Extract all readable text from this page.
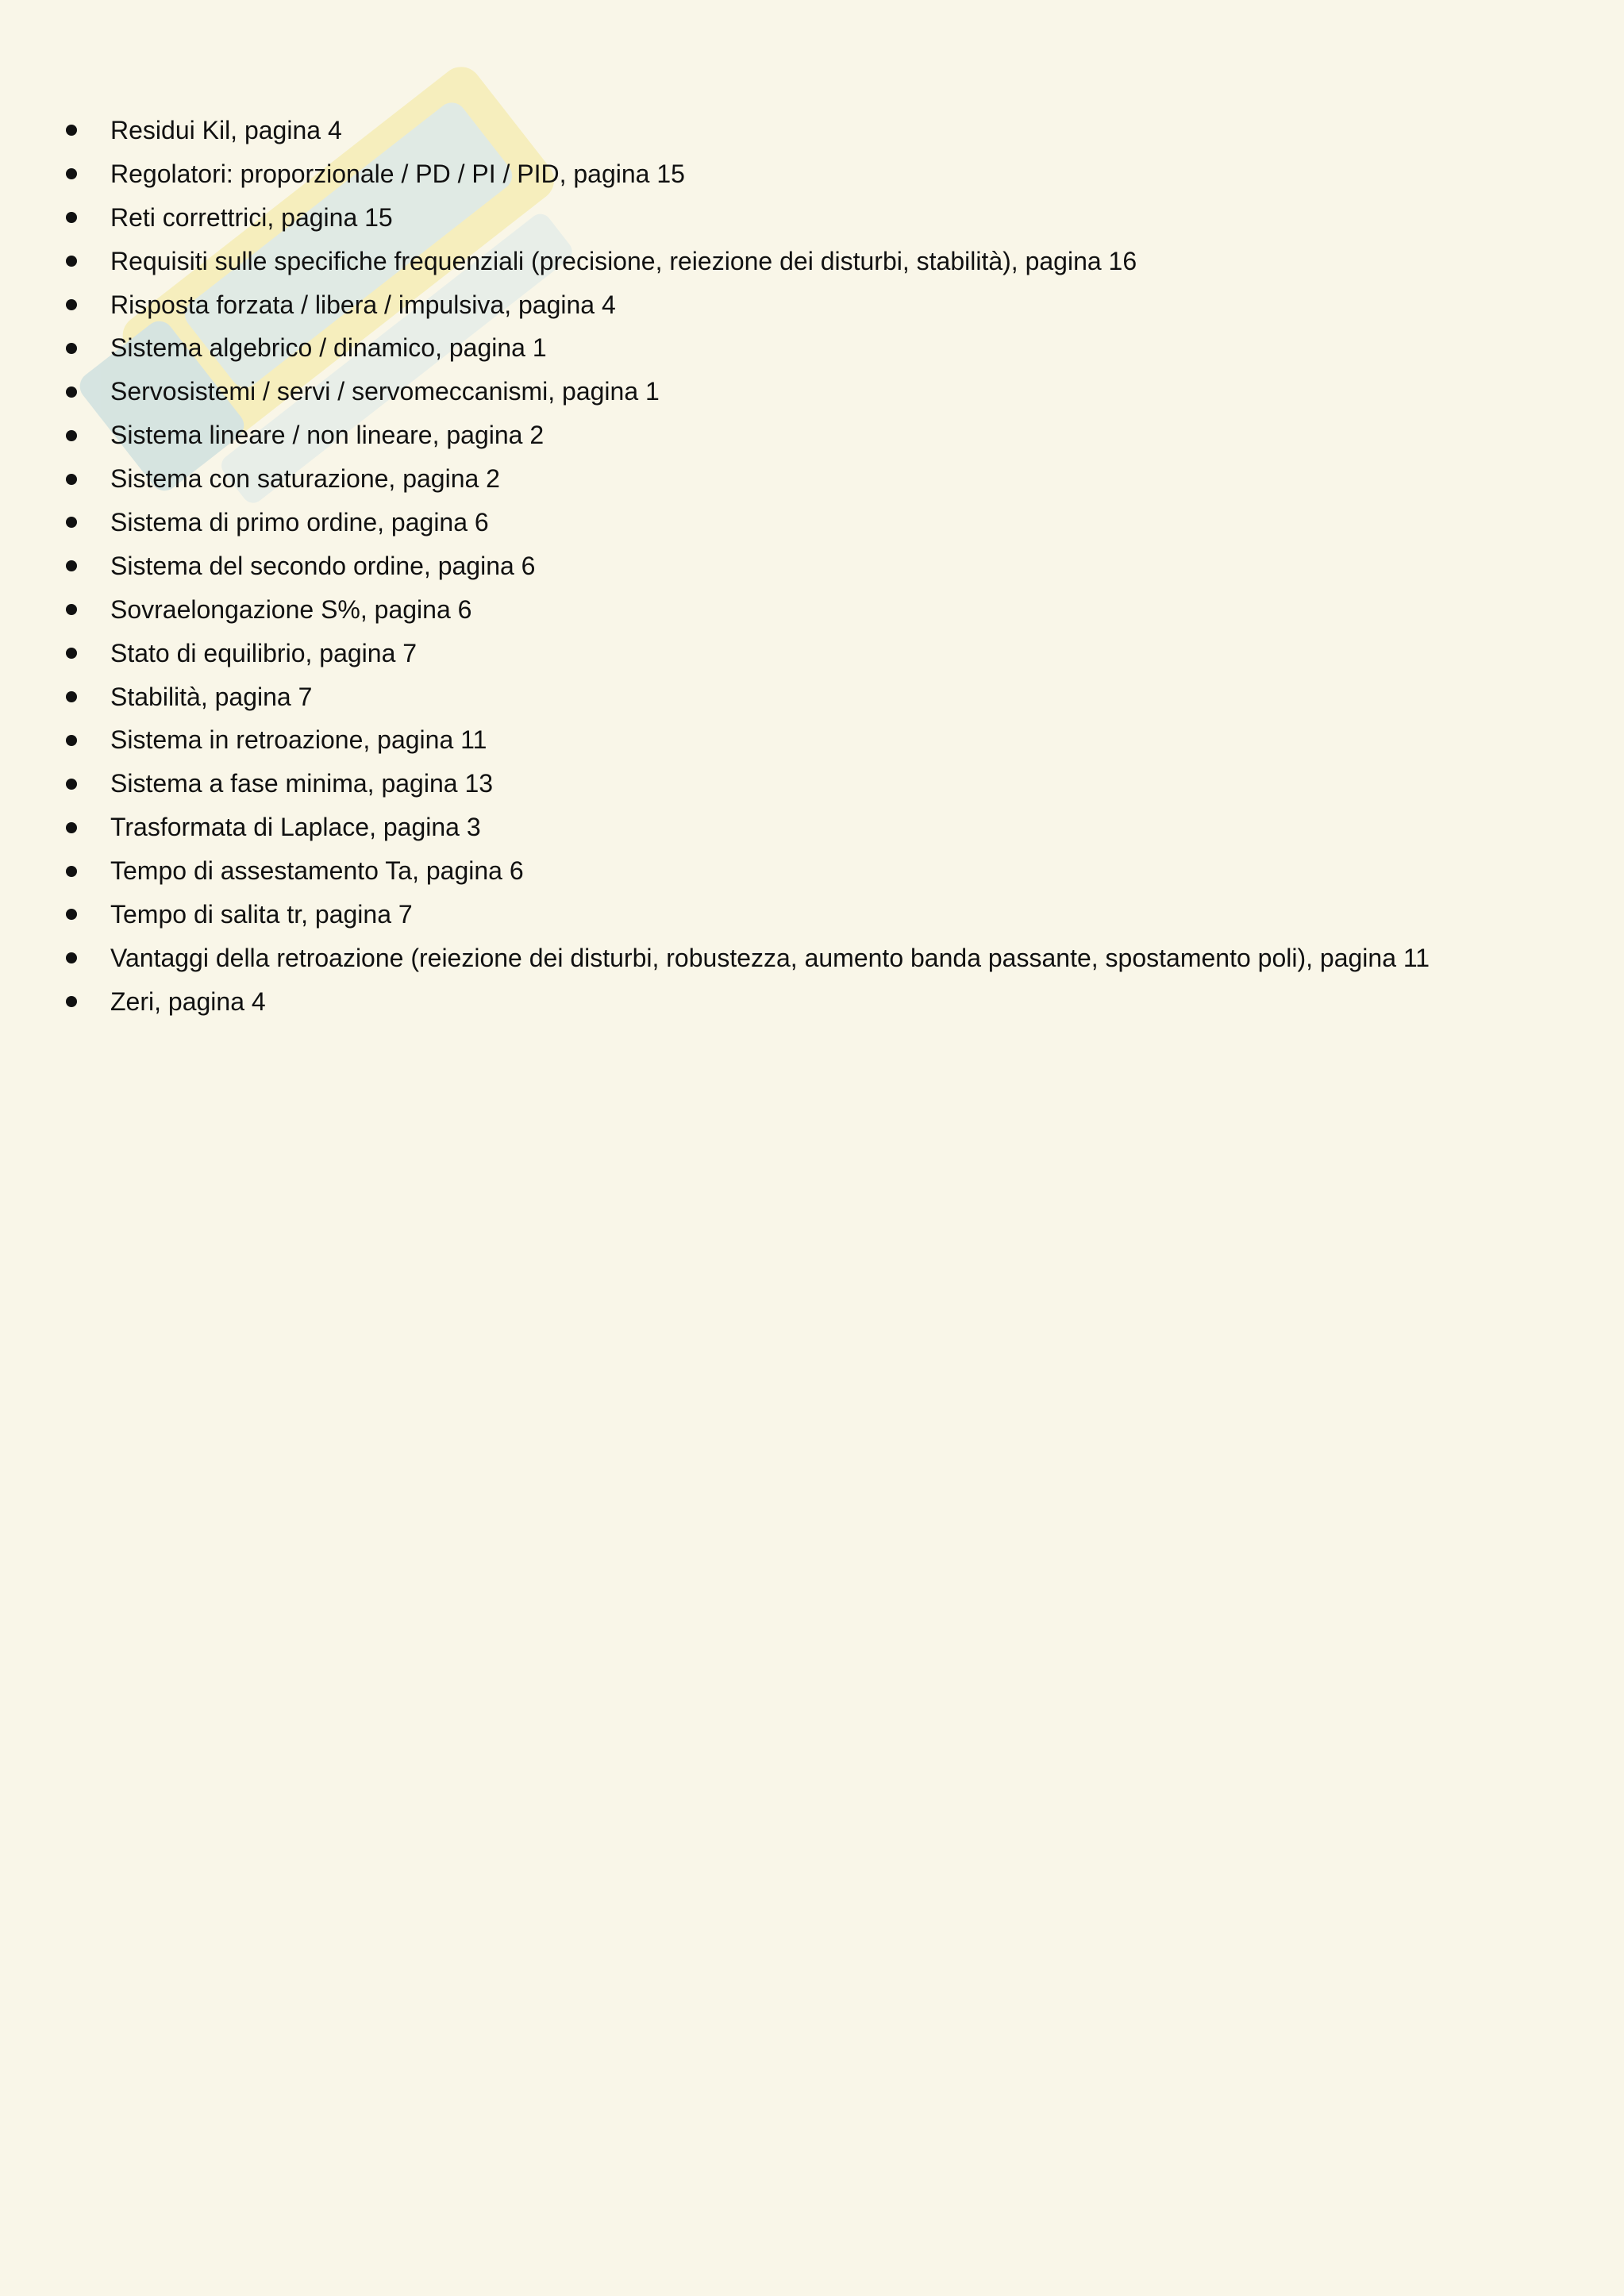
Residui Kil, pagina 4
Regolatori: proporzionale / PD / PI / PID, pagina 15
Reti correttrici, pagina 15
Requisiti sulle specifiche frequenziali (precisione, reiezione dei disturbi, stabilità), pagina 16
Risposta forzata / libera / impulsiva, pagina 4
Sistema algebrico / dinamico, pagina 1
Servosistemi / servi / servomeccanismi, pagina 1
Sistema lineare / non lineare, pagina 2
Sistema con saturazione, pagina 2
Sistema di primo ordine, pagina 6
Sistema del secondo ordine, pagina 6
Sovraelongazione S%, pagina 6
Stato di equilibrio, pagina 7
Stabilità, pagina 7
Sistema in retroazione, pagina 11
Sistema a fase minima, pagina 13
Trasformata di Laplace, pagina 3
Tempo di assestamento Ta, pagina 6
Tempo di salita tr, pagina 7
Vantaggi della retroazione (reiezione dei disturbi, robustezza, aumento banda passante, spostamento poli), pagina 11
Zeri, pagina 4
